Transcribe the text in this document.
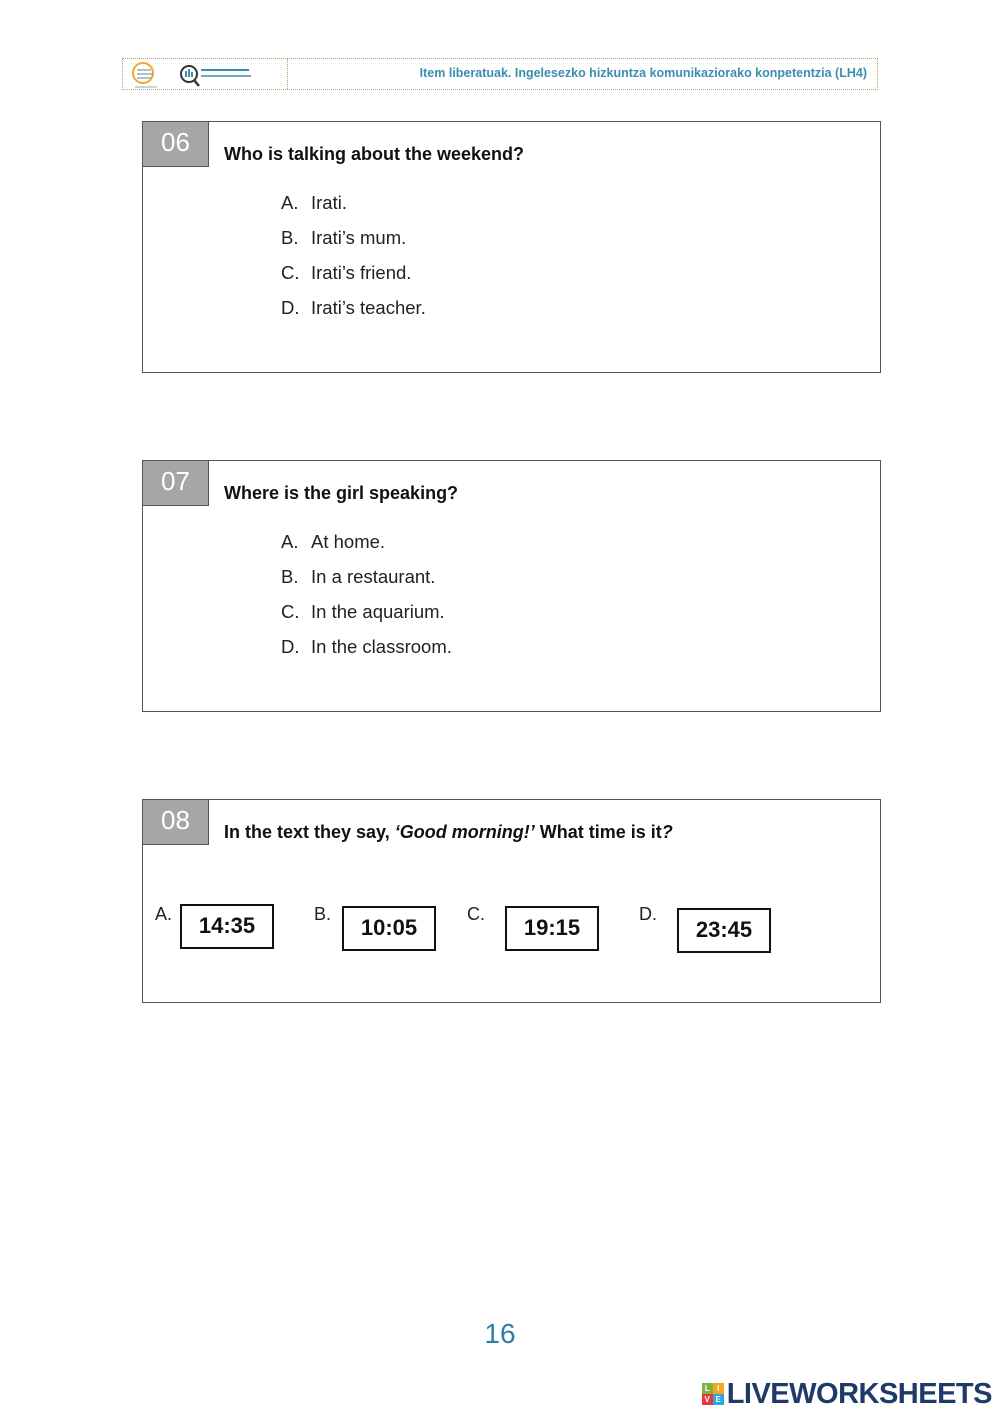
Item liberatuak. Ingelesezko hizkuntza komunikaziorako konpetentzia (LH4)
06	Who is talking about the weekend?
A. Irati.
B. Irati’s mum.
C. Irati’s friend.
D. Irati’s teacher.
07	Where is the girl speaking?
A. At home.
B. In a restaurant.
C. In the aquarium.
D. In the classroom.
08	In the text they say, ‘Good morning!’ What time is it?
A.	14:35	B.
10:05
C.
19:15
D.
23:45
16
L I
V E LIVEWORKSHEETS
